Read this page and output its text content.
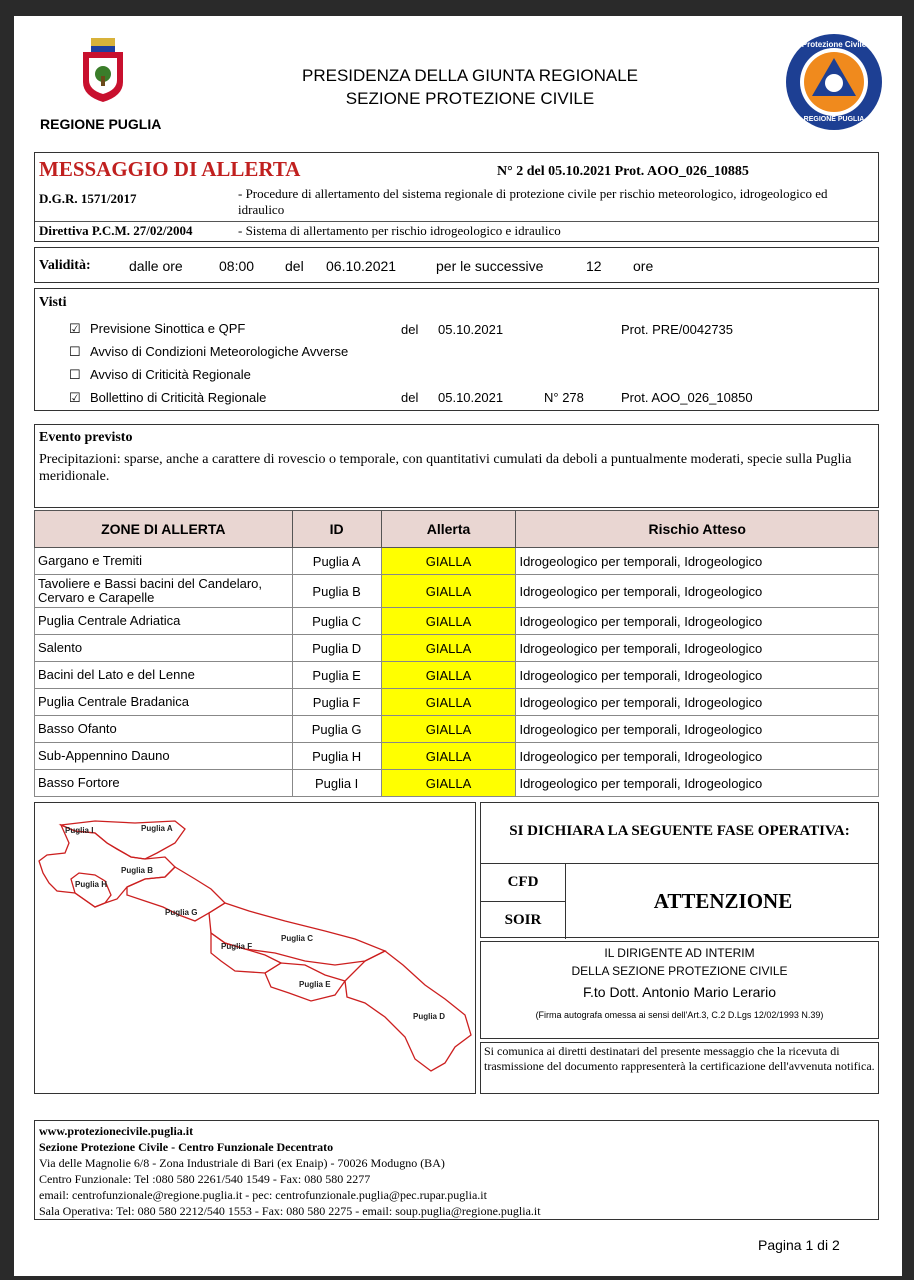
REGIONE PUGLIA
PRESIDENZA DELLA GIUNTA REGIONALE
SEZIONE PROTEZIONE CIVILE
Protezione Civile
REGIONE PUGLIA
MESSAGGIO DI ALLERTA	N° 2 del 05.10.2021 Prot. AOO_026_10885
D.G.R. 1571/2017	- Procedure di allertamento del sistema regionale di protezione civile per rischio meteorologico, idrogeologico ed idraulico
Direttiva P.C.M. 27/02/2004	- Sistema di allertamento per rischio idrogeologico e idraulico
Validità:	dalle ore	08:00 del 06.10.2021	per le successive	12 ore
Visti
☑ Previsione Sinottica e QPF	del 05.10.2021	Prot. PRE/0042735
☐ Avviso di Condizioni Meteorologiche Avverse
☐ Avviso di Criticità Regionale
☑ Bollettino di Criticità Regionale	del 05.10.2021	N° 278	Prot. AOO_026_10850
Evento previsto
Precipitazioni: sparse, anche a carattere di rovescio o temporale, con quantitativi cumulati da deboli a puntualmente moderati, specie sulla Puglia meridionale.
ZONE DI ALLERTA	ID	Allerta	Rischio Atteso
Gargano e Tremiti	Puglia A	GIALLA	Idrogeologico per temporali, Idrogeologico
Tavoliere e Bassi bacini del Candelaro, Cervaro e Carapelle	Puglia B	GIALLA	Idrogeologico per temporali, Idrogeologico
Puglia Centrale Adriatica	Puglia C	GIALLA	Idrogeologico per temporali, Idrogeologico
Salento	Puglia D	GIALLA	Idrogeologico per temporali, Idrogeologico
Bacini del Lato e del Lenne	Puglia E	GIALLA	Idrogeologico per temporali, Idrogeologico
Puglia Centrale Bradanica	Puglia F	GIALLA	Idrogeologico per temporali, Idrogeologico
Basso Ofanto	Puglia G	GIALLA	Idrogeologico per temporali, Idrogeologico
Sub-Appennino Dauno	Puglia H	GIALLA	Idrogeologico per temporali, Idrogeologico
Basso Fortore	Puglia I	GIALLA	Idrogeologico per temporali, Idrogeologico
Puglia I	Puglia A
Puglia B
Puglia H
Puglia G
Puglia F
Puglia C
Puglia E
Puglia D
SI DICHIARA LA SEGUENTE FASE OPERATIVA:
CFD
SOIR
ATTENZIONE
IL DIRIGENTE AD INTERIM
DELLA SEZIONE PROTEZIONE CIVILE
F.to Dott. Antonio Mario Lerario
(Firma autografa omessa ai sensi dell'Art.3, C.2 D.Lgs 12/02/1993 N.39)
Si comunica ai diretti destinatari del presente messaggio che la ricevuta di trasmissione del documento rappresenterà la certificazione dell'avvenuta notifica.
www.protezionecivile.puglia.it
Sezione Protezione Civile - Centro Funzionale Decentrato
Via delle Magnolie 6/8 - Zona Industriale di Bari (ex Enaip) - 70026 Modugno (BA)
Centro Funzionale: Tel :080 580 2261/540 1549 - Fax: 080 580 2277
email: centrofunzionale@regione.puglia.it - pec: centrofunzionale.puglia@pec.rupar.puglia.it
Sala Operativa: Tel: 080 580 2212/540 1553 - Fax: 080 580 2275 - email: soup.puglia@regione.puglia.it
Pagina 1 di 2
